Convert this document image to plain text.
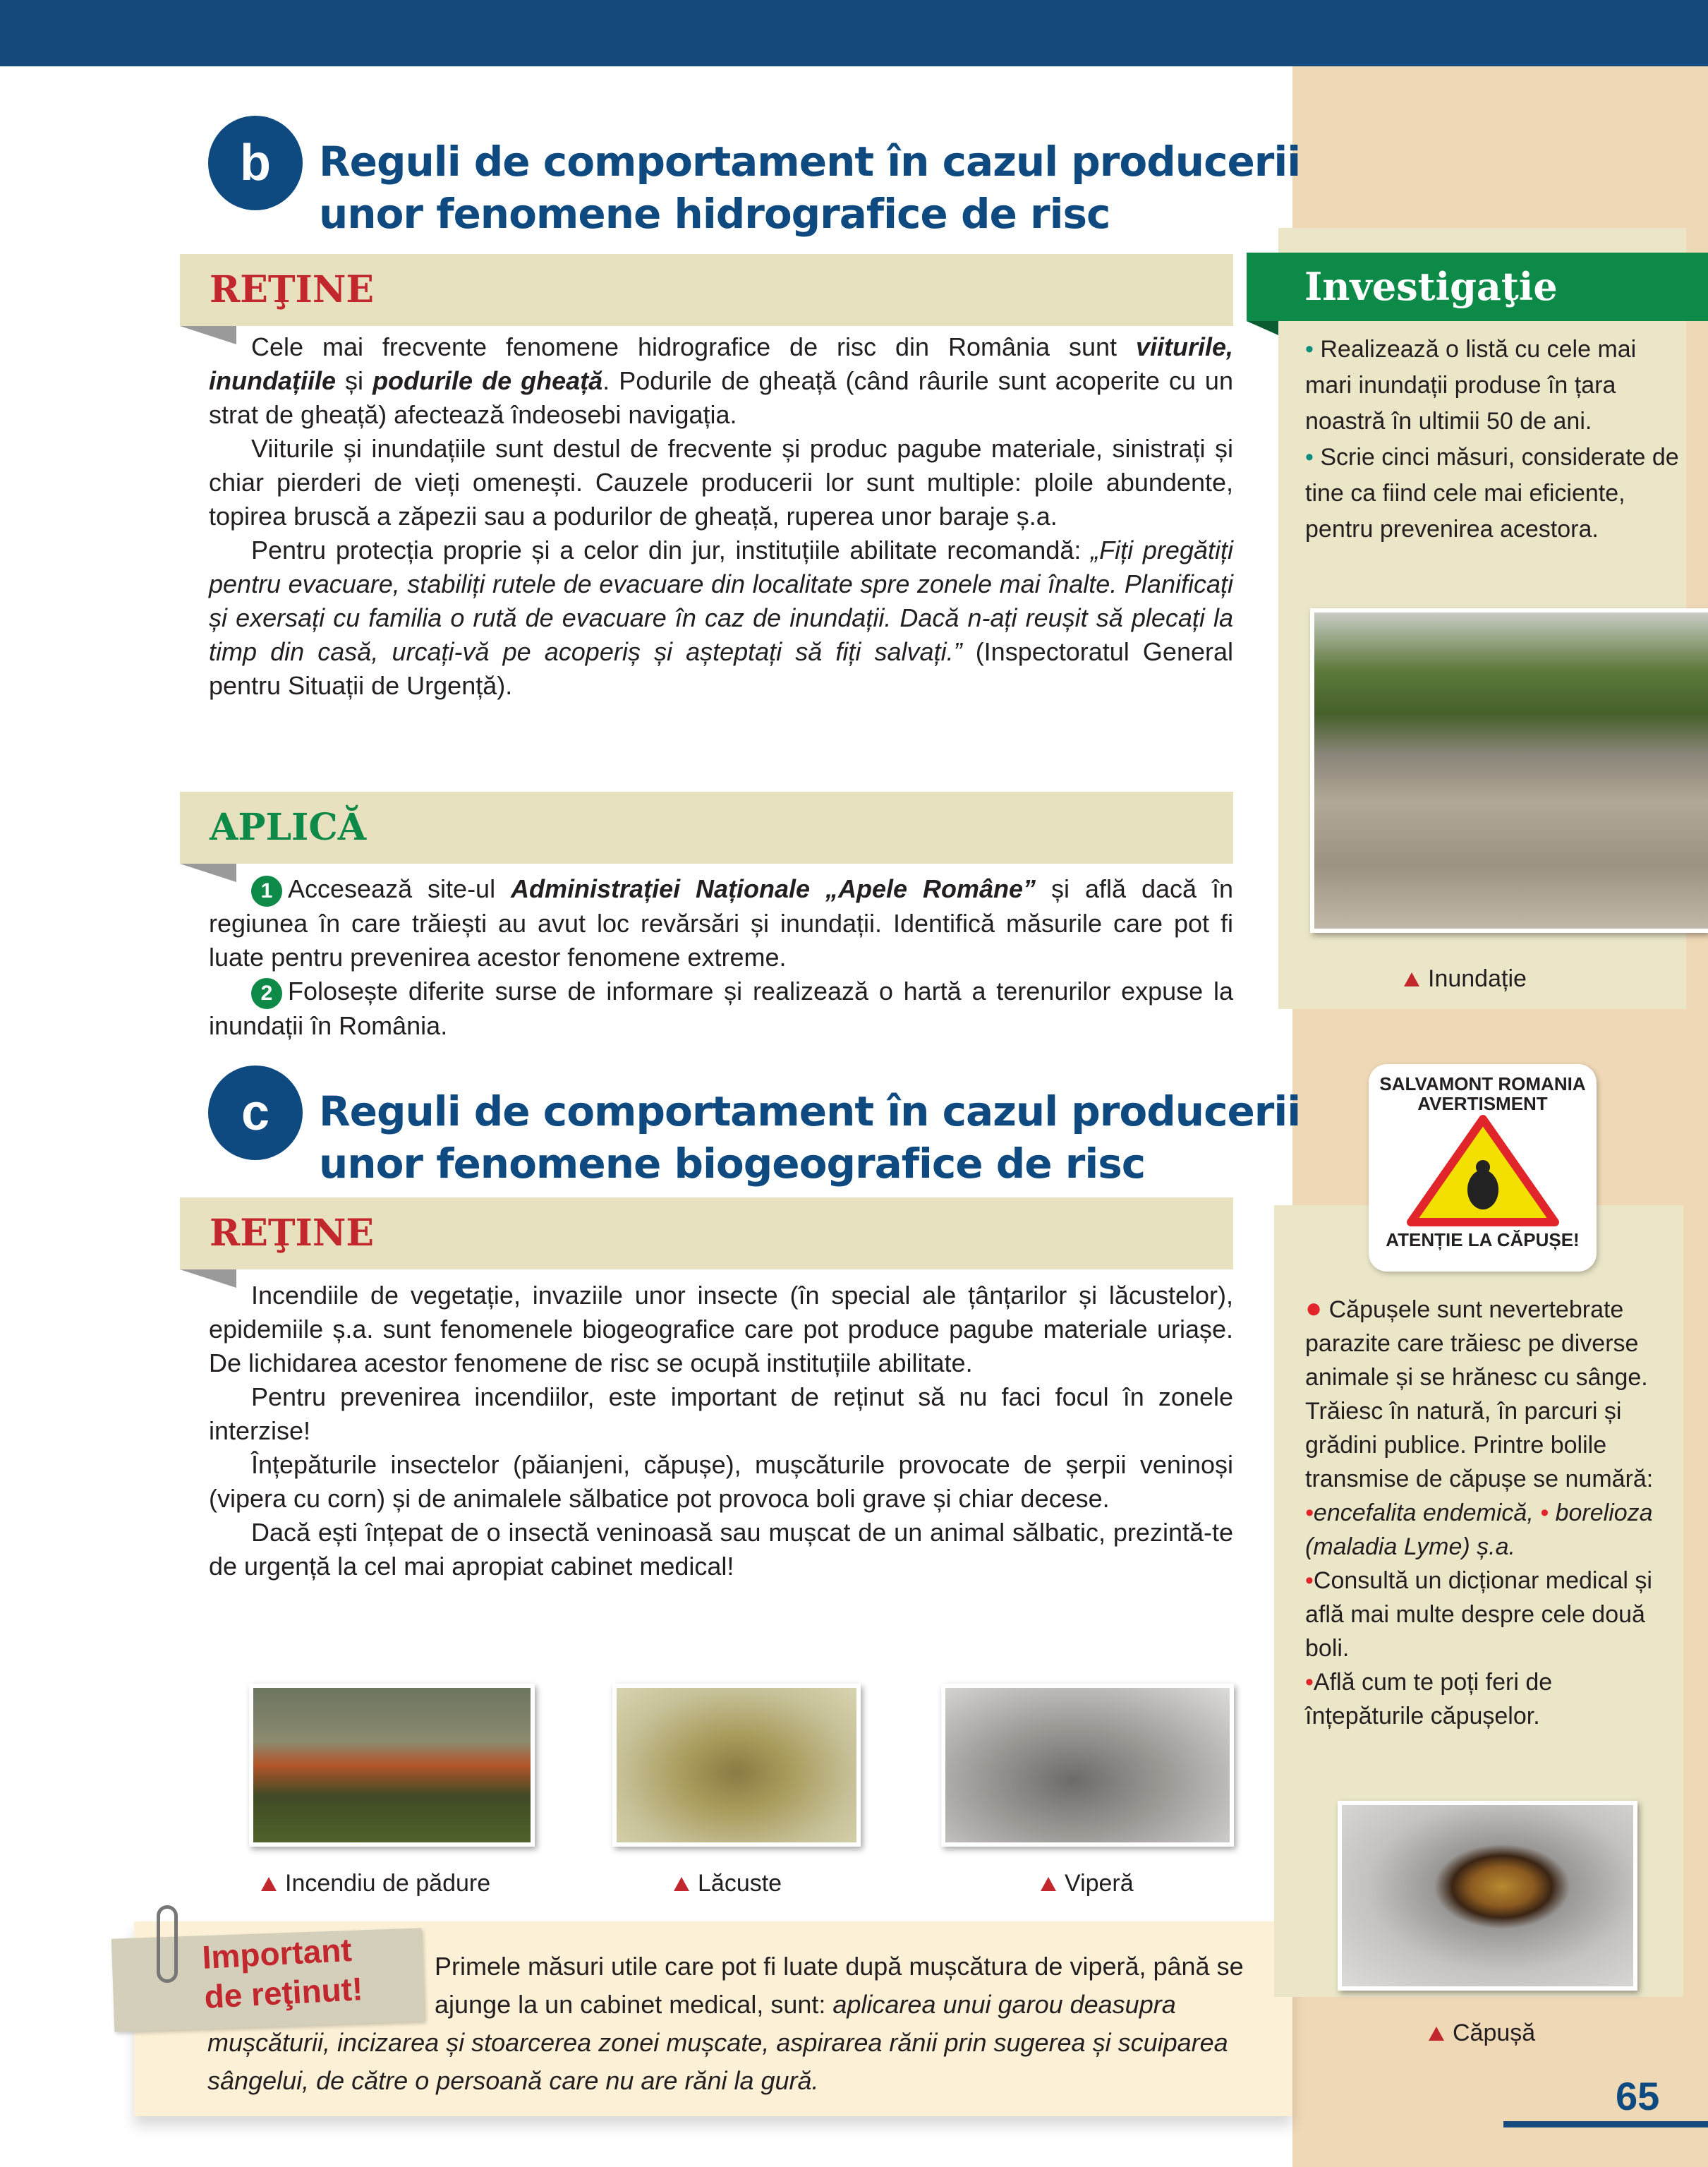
b	Reguli de comportament în cazul producerii
unor fenomene hidrografice de risc
REŢINE

Cele mai frecvente fenomene hidrografice de risc din România sunt viiturile, inundațiile și podurile de gheață. Podurile de gheață (când râurile sunt acoperite cu un strat de gheață) afectează îndeosebi navigația.

Viiturile și inundațiile sunt destul de frecvente și produc pagube materiale, sinistrați și chiar pierderi de vieți omenești. Cauzele producerii lor sunt multiple: ploile abundente, topirea bruscă a zăpezii sau a podurilor de gheață, ruperea unor baraje ș.a.

Pentru protecția proprie și a celor din jur, instituțiile abilitate recomandă: „Fiți pregătiți pentru evacuare, stabiliți rutele de evacuare din localitate spre zonele mai înalte. Planificați și exersați cu familia o rută de evacuare în caz de inundații. Dacă n-ați reușit să plecați la timp din casă, urcați-vă pe acoperiș și așteptați să fiți salvați.” (Inspectoratul General pentru Situații de Urgență).

APLICĂ

1 Accesează site-ul Administrației Naționale „Apele Române” și află dacă în regiunea în care trăiești au avut loc revărsări și inundații. Identifică măsurile care pot fi luate pentru prevenirea acestor fenomene extreme.

2 Folosește diferite surse de informare și realizează o hartă a terenurilor expuse la inundații în România.

c	Reguli de comportament în cazul producerii
unor fenomene biogeografice de risc
REŢINE

Incendiile de vegetație, invaziile unor insecte (în special ale țânțarilor și lăcustelor), epidemiile ș.a. sunt fenomenele biogeografice care pot produce pagube materiale uriașe. De lichidarea acestor fenomene de risc se ocupă instituțiile abilitate.

Pentru prevenirea incendiilor, este important de reținut să nu faci focul în zonele interzise!

Înțepăturile insectelor (păianjeni, căpușe), mușcăturile provocate de șerpii veninoși (vipera cu corn) și de animalele sălbatice pot provoca boli grave și chiar decese.

Dacă ești înțepat de o insectă veninoasă sau mușcat de un animal sălbatic, prezintă-te de urgență la cel mai apropiat cabinet medical!

Incendiu de pădure	Lăcuste	Viperă
Important
de reţinut!
Primele măsuri utile care pot fi luate după mușcătura de viperă, până se ajunge la un cabinet medical, sunt: aplicarea unui garou deasupra mușcăturii, incizarea și stoarcerea zonei mușcate, aspirarea rănii prin sugerea și scuiparea sângelui, de către o persoană care nu are răni la gură.
Investigaţie
• Realizează o listă cu cele mai mari inundații produse în țara noastră în ultimii 50 de ani.
• Scrie cinci măsuri, considerate de tine ca fiind cele mai eficiente, pentru prevenirea acestora.
Inundație
SALVAMONT ROMANIA
AVERTISMENT
ATENȚIE LA CĂPUȘE!
● Căpușele sunt nevertebrate parazite care trăiesc pe diverse animale și se hrănesc cu sânge. Trăiesc în natură, în parcuri și grădini publice. Printre bolile transmise de căpușe se numără: •encefalita endemică, • borelioza (maladia Lyme) ș.a.
•Consultă un dicționar medical și află mai multe despre cele două boli.
•Află cum te poți feri de înțepăturile căpușelor.
Căpușă
65
